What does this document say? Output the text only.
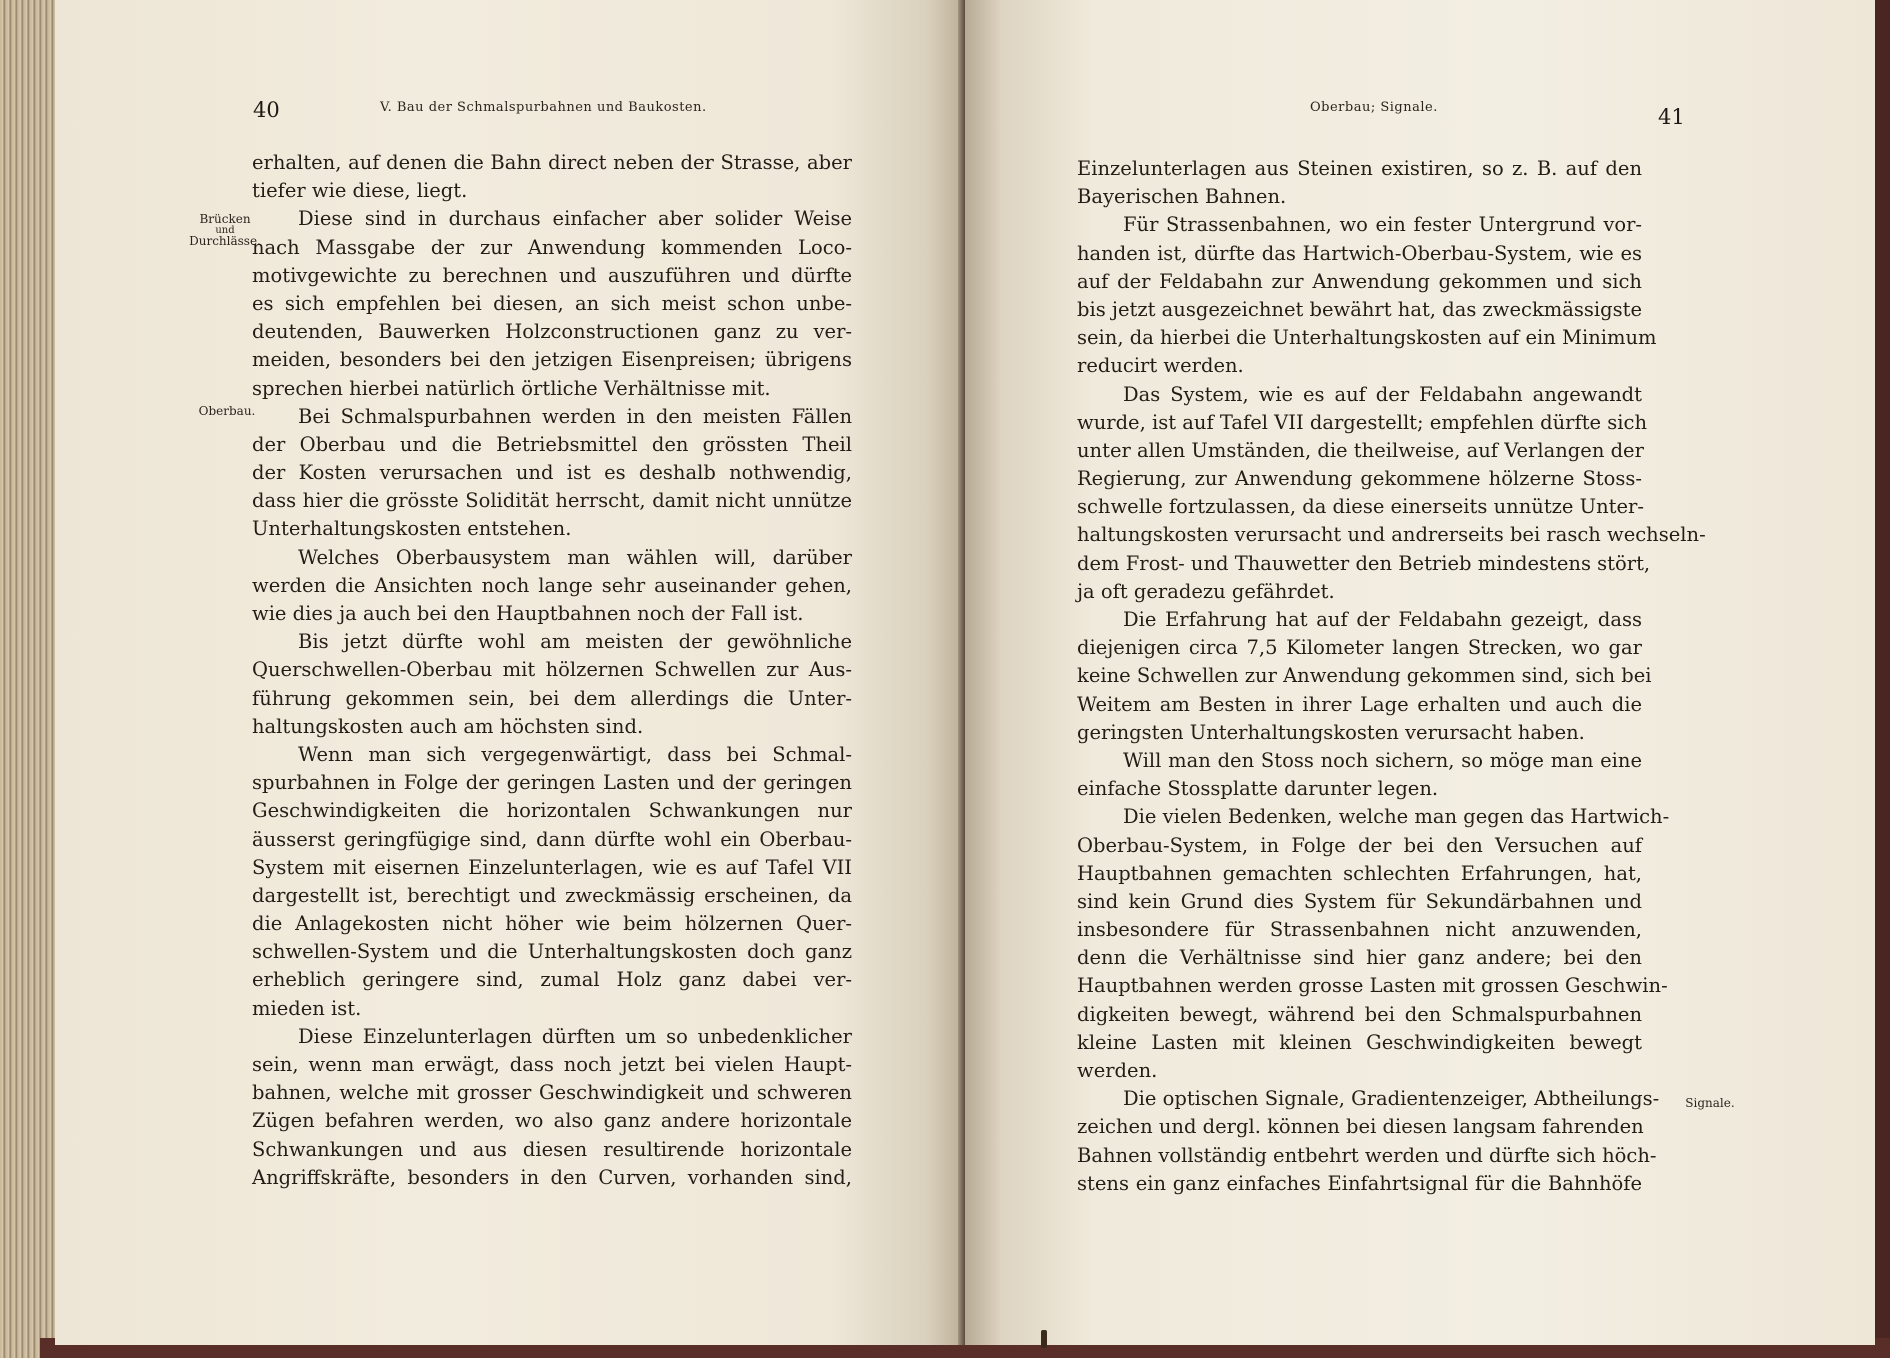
40	V. Bau der Schmalspurbahnen und Baukosten.
Brücken
und
Durchlässe.
Oberbau.
erhalten, auf denen die Bahn direct neben der Strasse, aber
tiefer wie diese, liegt.
Diese sind in durchaus einfacher aber solider Weise
nach Massgabe der zur Anwendung kommenden Loco-
motivgewichte zu berechnen und auszuführen und dürfte
es sich empfehlen bei diesen, an sich meist schon unbe-
deutenden, Bauwerken Holzconstructionen ganz zu ver-
meiden, besonders bei den jetzigen Eisenpreisen; übrigens
sprechen hierbei natürlich örtliche Verhältnisse mit.
Bei Schmalspurbahnen werden in den meisten Fällen
der Oberbau und die Betriebsmittel den grössten Theil
der Kosten verursachen und ist es deshalb nothwendig,
dass hier die grösste Solidität herrscht, damit nicht unnütze
Unterhaltungskosten entstehen.
Welches Oberbausystem man wählen will, darüber
werden die Ansichten noch lange sehr auseinander gehen,
wie dies ja auch bei den Hauptbahnen noch der Fall ist.
Bis jetzt dürfte wohl am meisten der gewöhnliche
Querschwellen-Oberbau mit hölzernen Schwellen zur Aus-
führung gekommen sein, bei dem allerdings die Unter-
haltungskosten auch am höchsten sind.
Wenn man sich vergegenwärtigt, dass bei Schmal-
spurbahnen in Folge der geringen Lasten und der geringen
Geschwindigkeiten die horizontalen Schwankungen nur
äusserst geringfügige sind, dann dürfte wohl ein Oberbau-
System mit eisernen Einzelunterlagen, wie es auf Tafel VII
dargestellt ist, berechtigt und zweckmässig erscheinen, da
die Anlagekosten nicht höher wie beim hölzernen Quer-
schwellen-System und die Unterhaltungskosten doch ganz
erheblich geringere sind, zumal Holz ganz dabei ver-
mieden ist.
Diese Einzelunterlagen dürften um so unbedenklicher
sein, wenn man erwägt, dass noch jetzt bei vielen Haupt-
bahnen, welche mit grosser Geschwindigkeit und schweren
Zügen befahren werden, wo also ganz andere horizontale
Schwankungen und aus diesen resultirende horizontale
Angriffskräfte, besonders in den Curven, vorhanden sind,
Oberbau; Signale.	41
Signale.
Einzelunterlagen aus Steinen existiren, so z. B. auf den
Bayerischen Bahnen.
Für Strassenbahnen, wo ein fester Untergrund vor-
handen ist, dürfte das Hartwich-Oberbau-System, wie es
auf der Feldabahn zur Anwendung gekommen und sich
bis jetzt ausgezeichnet bewährt hat, das zweckmässigste
sein, da hierbei die Unterhaltungskosten auf ein Minimum
reducirt werden.
Das System, wie es auf der Feldabahn angewandt
wurde, ist auf Tafel VII dargestellt; empfehlen dürfte sich
unter allen Umständen, die theilweise, auf Verlangen der
Regierung, zur Anwendung gekommene hölzerne Stoss-
schwelle fortzulassen, da diese einerseits unnütze Unter-
haltungskosten verursacht und andrerseits bei rasch wechseln-
dem Frost- und Thauwetter den Betrieb mindestens stört,
ja oft geradezu gefährdet.
Die Erfahrung hat auf der Feldabahn gezeigt, dass
diejenigen circa 7,5 Kilometer langen Strecken, wo gar
keine Schwellen zur Anwendung gekommen sind, sich bei
Weitem am Besten in ihrer Lage erhalten und auch die
geringsten Unterhaltungskosten verursacht haben.
Will man den Stoss noch sichern, so möge man eine
einfache Stossplatte darunter legen.
Die vielen Bedenken, welche man gegen das Hartwich-
Oberbau-System, in Folge der bei den Versuchen auf
Hauptbahnen gemachten schlechten Erfahrungen, hat,
sind kein Grund dies System für Sekundärbahnen und
insbesondere für Strassenbahnen nicht anzuwenden,
denn die Verhältnisse sind hier ganz andere; bei den
Hauptbahnen werden grosse Lasten mit grossen Geschwin-
digkeiten bewegt, während bei den Schmalspurbahnen
kleine Lasten mit kleinen Geschwindigkeiten bewegt
werden.
Die optischen Signale, Gradientenzeiger, Abtheilungs-
zeichen und dergl. können bei diesen langsam fahrenden
Bahnen vollständig entbehrt werden und dürfte sich höch-
stens ein ganz einfaches Einfahrtsignal für die Bahnhöfe
